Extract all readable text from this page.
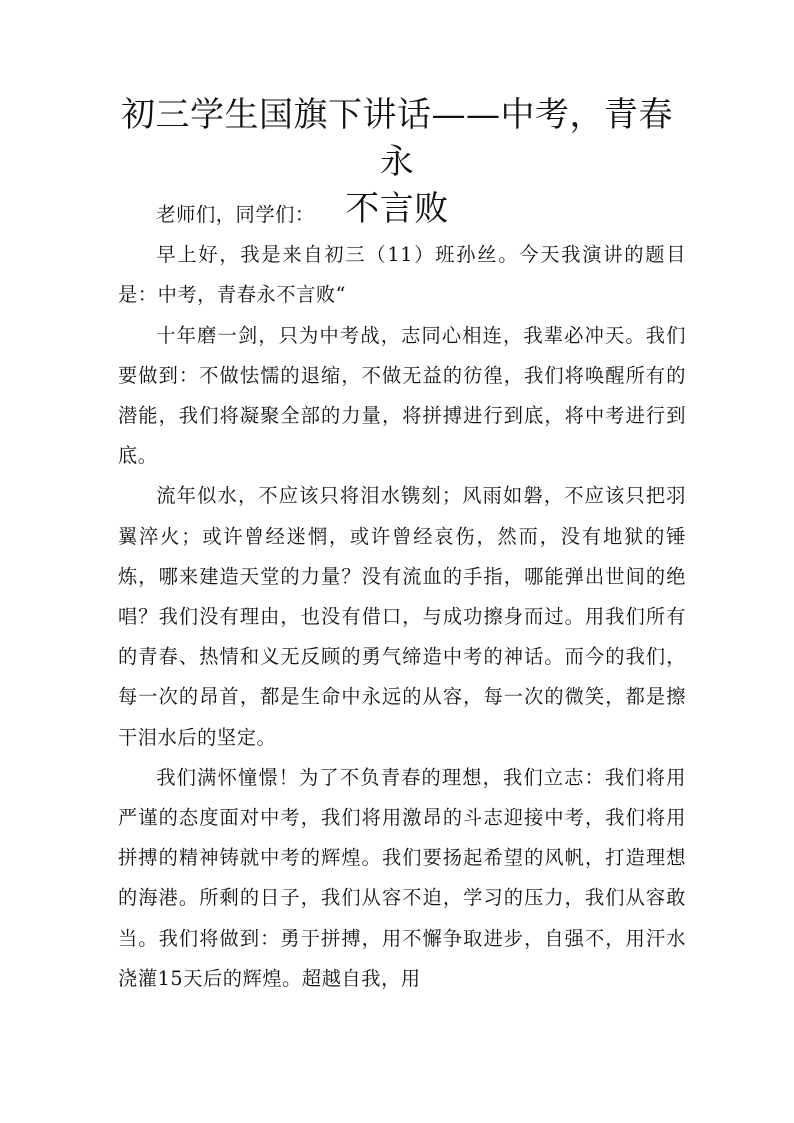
初三学生国旗下讲话——中考，青春永
不言败

老师们，同学们：

早上好，我是来自初三（11）班孙丝。今天我演讲的题目是：中考，青春永不言败“

十年磨一剑，只为中考战，志同心相连，我辈必冲天。我们要做到：不做怯懦的退缩，不做无益的彷徨，我们将唤醒所有的潜能，我们将凝聚全部的力量，将拼搏进行到底，将中考进行到底。

流年似水，不应该只将泪水镌刻；风雨如磐，不应该只把羽翼淬火；或许曾经迷惘，或许曾经哀伤，然而，没有地狱的锤炼，哪来建造天堂的力量？没有流血的手指，哪能弹出世间的绝唱？我们没有理由，也没有借口，与成功擦身而过。用我们所有的青春、热情和义无反顾的勇气缔造中考的神话。而今的我们，每一次的昂首，都是生命中永远的从容，每一次的微笑，都是擦干泪水后的坚定。

我们满怀憧憬！为了不负青春的理想，我们立志：我们将用严谨的态度面对中考，我们将用激昂的斗志迎接中考，我们将用拼搏的精神铸就中考的辉煌。我们要扬起希望的风帆，打造理想的海港。所剩的日子，我们从容不迫，学习的压力，我们从容敢当。我们将做到：勇于拼搏，用不懈争取进步，自强不，用汗水浇灌15天后的辉煌。超越自我，用
